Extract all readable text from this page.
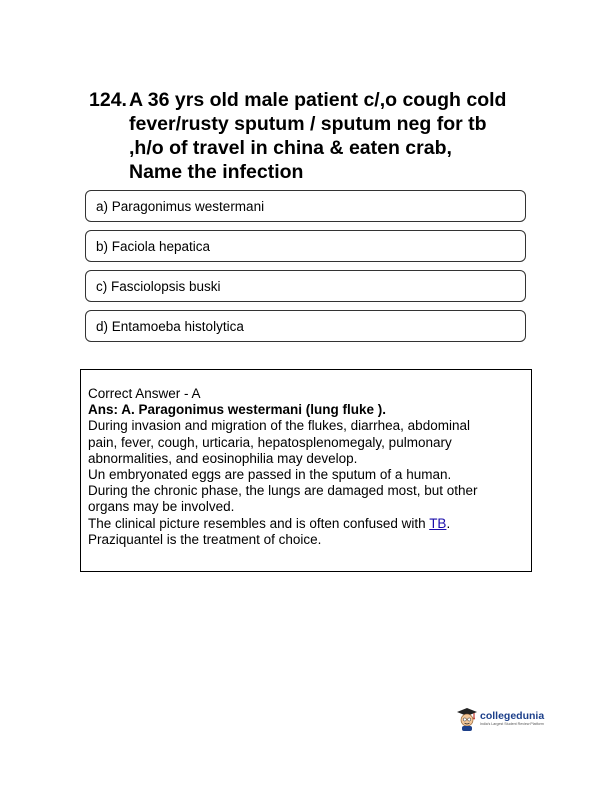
124. A 36 yrs old male patient c/,o cough cold
fever/rusty sputum / sputum neg for tb
,h/o of travel in china & eaten crab,
Name the infection
a) Paragonimus westermani
b) Faciola hepatica
c) Fasciolopsis buski
d) Entamoeba histolytica
Correct Answer - A
Ans: A. Paragonimus westermani (lung fluke ).
During invasion and migration of the flukes, diarrhea, abdominal
pain, fever, cough, urticaria, hepatosplenomegaly, pulmonary
abnormalities, and eosinophilia may develop.
Un embryonated eggs are passed in the sputum of a human.
During the chronic phase, the lungs are damaged most, but other
organs may be involved.
The clinical picture resembles and is often confused with TB.
Praziquantel is the treatment of choice.
collegedunia
India's Largest Student Review Platform
